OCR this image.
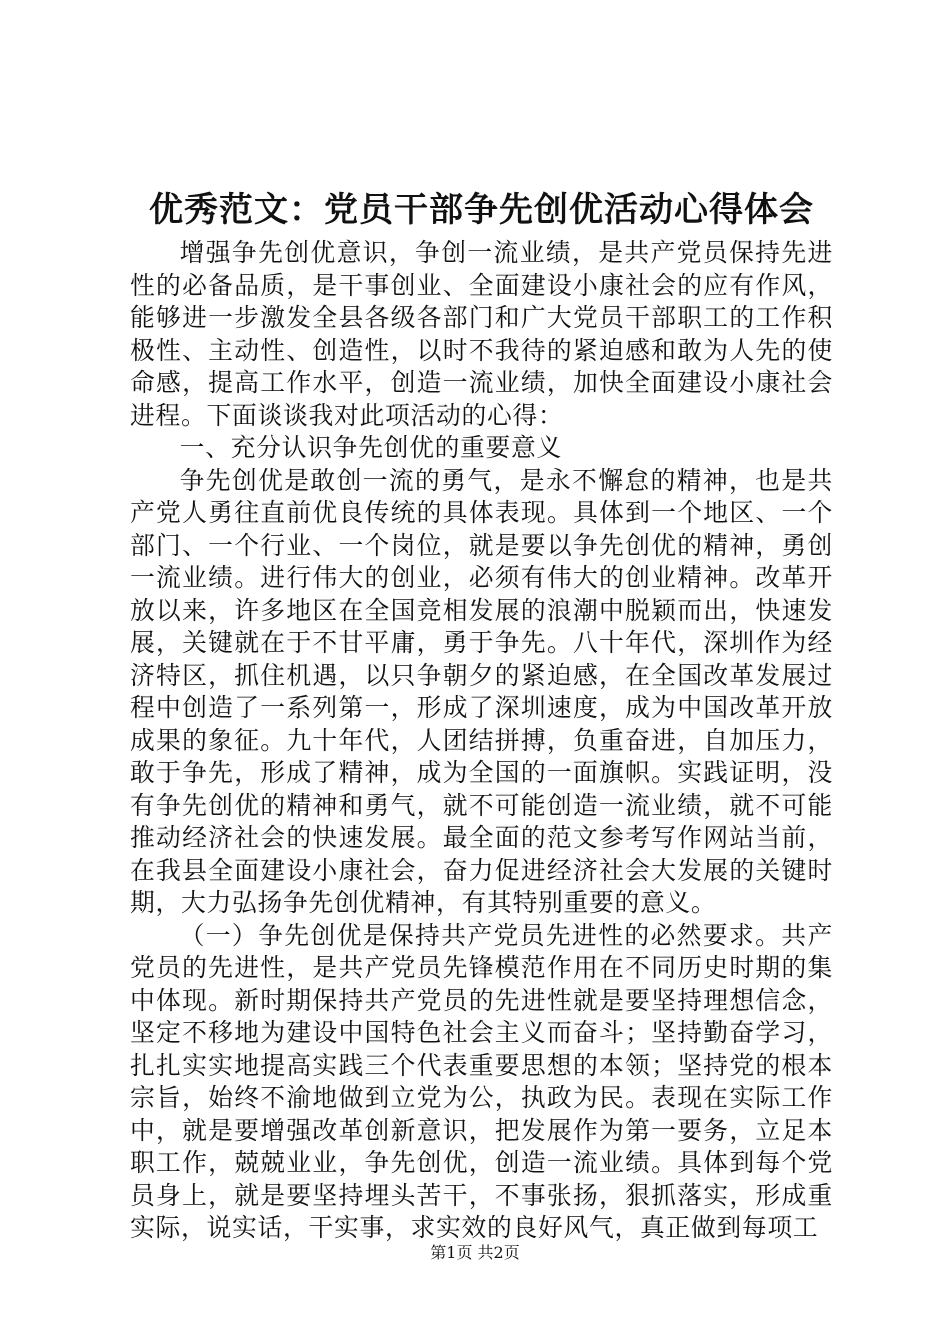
优秀范文：党员干部争先创优活动心得体会

增强争先创优意识，争创一流业绩，是共产党员保持先进性的必备品质，是干事创业、全面建设小康社会的应有作风，能够进一步激发全县各级各部门和广大党员干部职工的工作积极性、主动性、创造性，以时不我待的紧迫感和敢为人先的使命感，提高工作水平，创造一流业绩，加快全面建设小康社会进程。下面谈谈我对此项活动的心得：

一、充分认识争先创优的重要意义

争先创优是敢创一流的勇气，是永不懈怠的精神，也是共产党人勇往直前优良传统的具体表现。具体到一个地区、一个部门、一个行业、一个岗位，就是要以争先创优的精神，勇创一流业绩。进行伟大的创业，必须有伟大的创业精神。改革开放以来，许多地区在全国竞相发展的浪潮中脱颖而出，快速发展，关键就在于不甘平庸，勇于争先。八十年代，深圳作为经济特区，抓住机遇，以只争朝夕的紧迫感，在全国改革发展过程中创造了一系列第一，形成了深圳速度，成为中国改革开放成果的象征。九十年代，人团结拼搏，负重奋进，自加压力，敢于争先，形成了精神，成为全国的一面旗帜。实践证明，没有争先创优的精神和勇气，就不可能创造一流业绩，就不可能推动经济社会的快速发展。最全面的范文参考写作网站当前，在我县全面建设小康社会，奋力促进经济社会大发展的关键时期，大力弘扬争先创优精神，有其特别重要的意义。

（一）争先创优是保持共产党员先进性的必然要求。共产党员的先进性，是共产党员先锋模范作用在不同历史时期的集中体现。新时期保持共产党员的先进性就是要坚持理想信念，坚定不移地为建设中国特色社会主义而奋斗；坚持勤奋学习，扎扎实实地提高实践三个代表重要思想的本领；坚持党的根本宗旨，始终不渝地做到立党为公，执政为民。表现在实际工作中，就是要增强改革创新意识，把发展作为第一要务，立足本职工作，兢兢业业，争先创优，创造一流业绩。具体到每个党员身上，就是要坚持埋头苦干，不事张扬，狠抓落实，形成重实际，说实话，干实事，求实效的良好风气，真正做到每项工

第1页 共2页
